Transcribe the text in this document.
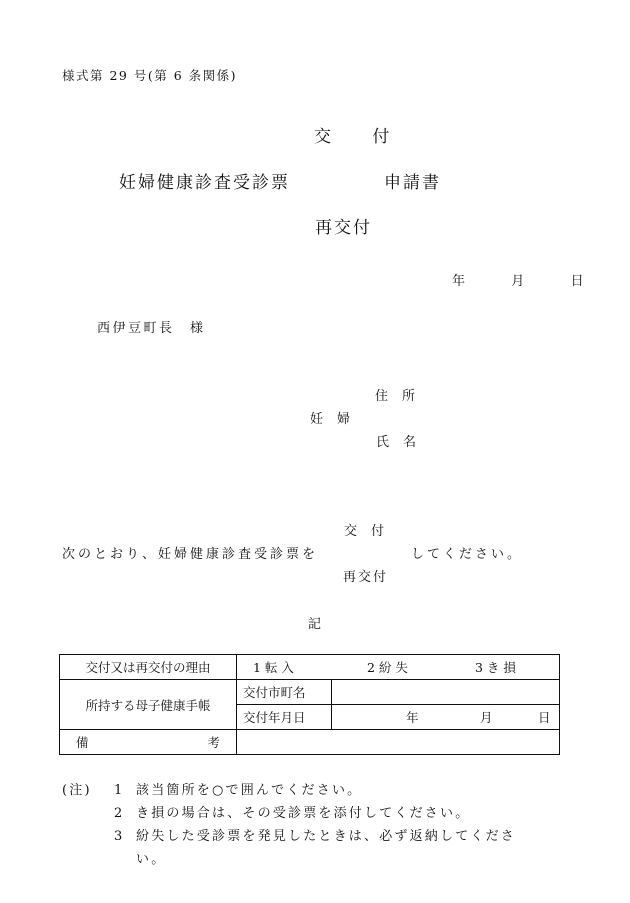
様式第 29 号(第 6 条関係)
交 付
妊婦健康診査受診票	申請書
再交付
年	月	日
西伊豆町長　様
住所
妊婦
氏名
交付
次のとおり、妊婦健康診査受診票を	してください。
再交付
記
交付又は再交付の理由	1 転 入 2 紛 失 3 き 損	
所持する母子健康手帳	交付市町名	
	交付年月日	年 月 日
備 考		

(注) 1 該当箇所を○で囲んでください。
2 き損の場合は、その受診票を添付してください。
3 紛失した受診票を発見したときは、必ず返納してくださ
い。
